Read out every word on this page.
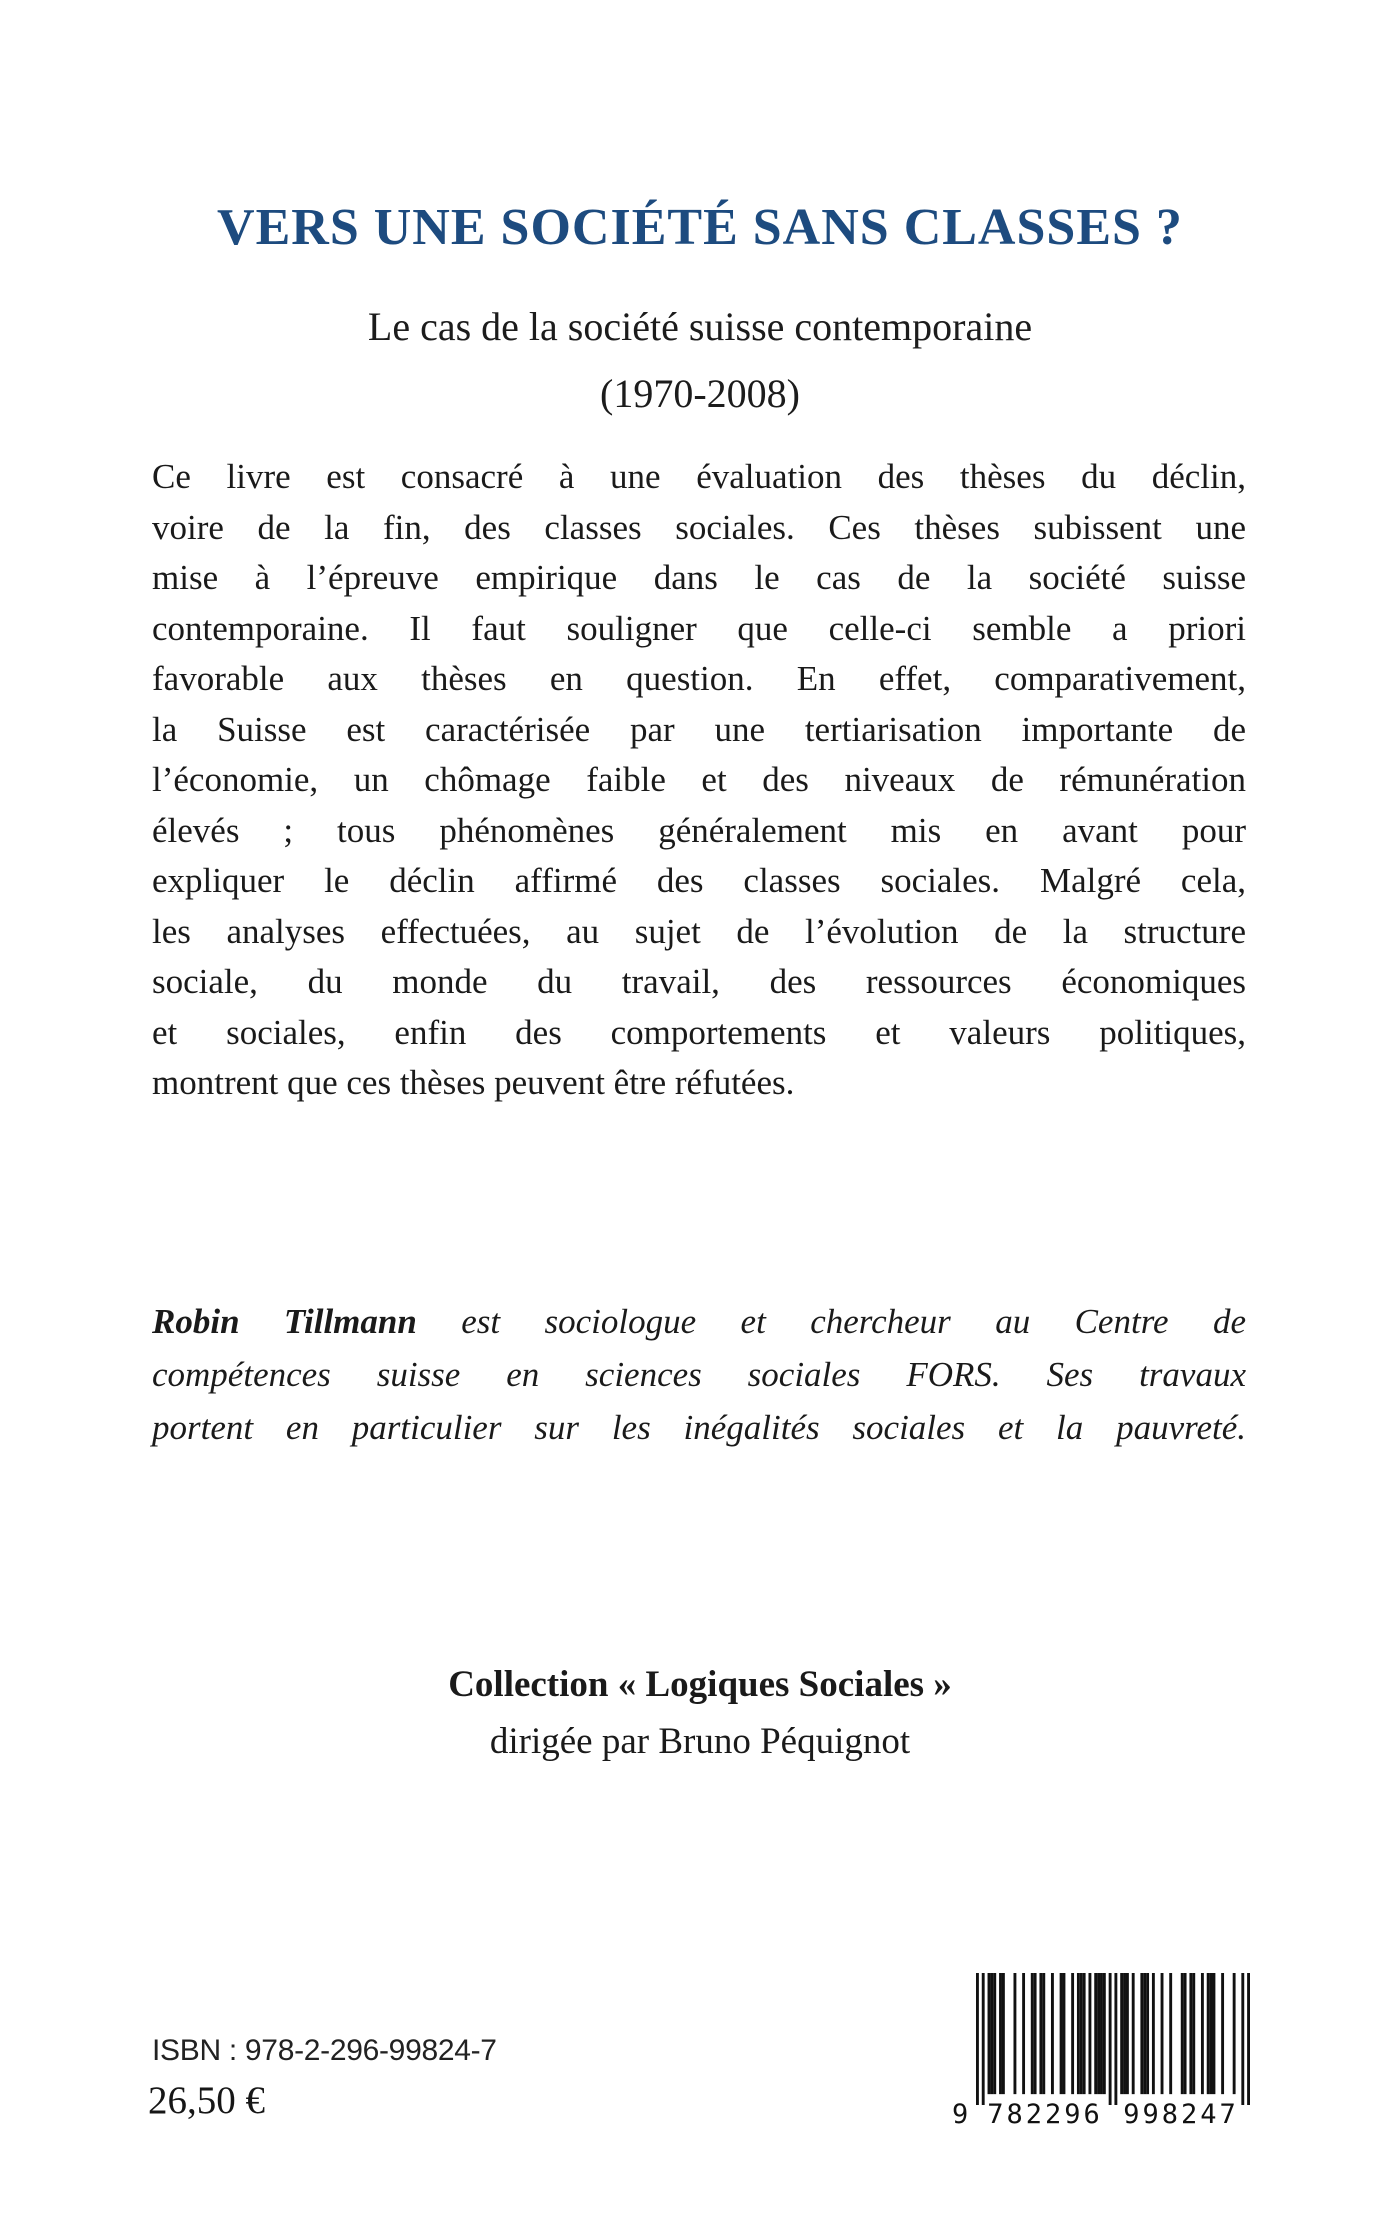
VERS UNE SOCIÉTÉ SANS CLASSES ?
Le cas de la société suisse contemporaine
(1970-2008)
Ce livre est consacré à une évaluation des thèses du déclin,
voire de la fin, des classes sociales. Ces thèses subissent une
mise à l’épreuve empirique dans le cas de la société suisse
contemporaine. Il faut souligner que celle-ci semble a priori
favorable aux thèses en question. En effet, comparativement,
la Suisse est caractérisée par une tertiarisation importante de
l’économie, un chômage faible et des niveaux de rémunération
élevés ; tous phénomènes généralement mis en avant pour
expliquer le déclin affirmé des classes sociales. Malgré cela,
les analyses effectuées, au sujet de l’évolution de la structure
sociale, du monde du travail, des ressources économiques
et sociales, enfin des comportements et valeurs politiques,
montrent que ces thèses peuvent être réfutées.
Robin Tillmann est sociologue et chercheur au Centre de
compétences suisse en sciences sociales FORS. Ses travaux
portent en particulier sur les inégalités sociales et la pauvreté.
Collection « Logiques Sociales »
dirigée par Bruno Péquignot
ISBN : 978-2-296-99824-7
26,50 €	9 782296 998247
